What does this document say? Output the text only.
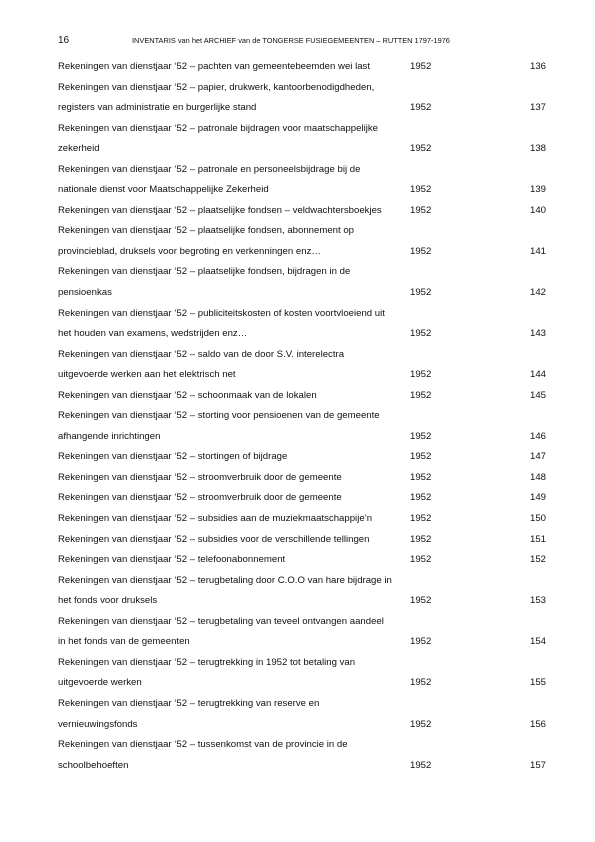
16	INVENTARIS van het ARCHIEF van de TONGERSE FUSIEGEMEENTEN – RUTTEN 1797-1976
Rekeningen van dienstjaar ‘52 – pachten van gemeentebeemden wei last	1952	136
Rekeningen van dienstjaar ‘52 – papier, drukwerk, kantoorbenodigdheden,
registers van administratie en burgerlijke stand	1952	137
Rekeningen van dienstjaar ‘52 – patronale bijdragen voor maatschappelijke
zekerheid	1952	138
Rekeningen van dienstjaar ‘52 – patronale en personeelsbijdrage bij de
nationale dienst voor Maatschappelijke Zekerheid	1952	139
Rekeningen van dienstjaar ‘52 – plaatselijke fondsen – veldwachtersboekjes	1952	140
Rekeningen van dienstjaar ‘52 – plaatselijke fondsen, abonnement op
provincieblad, druksels voor begroting en verkenningen enz…	1952	141
Rekeningen van dienstjaar ‘52 – plaatselijke fondsen, bijdragen in de
pensioenkas	1952	142
Rekeningen van dienstjaar ‘52 – publiciteitskosten of kosten voortvloeiend uit
het houden van examens, wedstrijden enz…	1952	143
Rekeningen van dienstjaar ‘52 – saldo van de door S.V. interelectra
uitgevoerde werken aan het elektrisch net	1952	144
Rekeningen van dienstjaar ‘52 – schoonmaak van de lokalen	1952	145
Rekeningen van dienstjaar ‘52 – storting voor pensioenen van de gemeente
afhangende inrichtingen	1952	146
Rekeningen van dienstjaar ‘52 – stortingen of bijdrage	1952	147
Rekeningen van dienstjaar ‘52 – stroomverbruik door de gemeente	1952	148
Rekeningen van dienstjaar ‘52 – stroomverbruik door de gemeente	1952	149
Rekeningen van dienstjaar ‘52 – subsidies aan de muziekmaatschappije’n	1952	150
Rekeningen van dienstjaar ‘52 – subsidies voor de verschillende tellingen	1952	151
Rekeningen van dienstjaar ‘52 – telefoonabonnement	1952	152
Rekeningen van dienstjaar ‘52 – terugbetaling door C.O.O van hare bijdrage in
het fonds voor druksels	1952	153
Rekeningen van dienstjaar ‘52 – terugbetaling van teveel ontvangen aandeel
in het fonds van de gemeenten	1952	154
Rekeningen van dienstjaar ‘52 – terugtrekking in 1952 tot betaling van
uitgevoerde werken	1952	155
Rekeningen van dienstjaar ‘52 – terugtrekking van reserve en
vernieuwingsfonds	1952	156
Rekeningen van dienstjaar ‘52 – tussenkomst van de provincie in de
schoolbehoeften	1952	157
